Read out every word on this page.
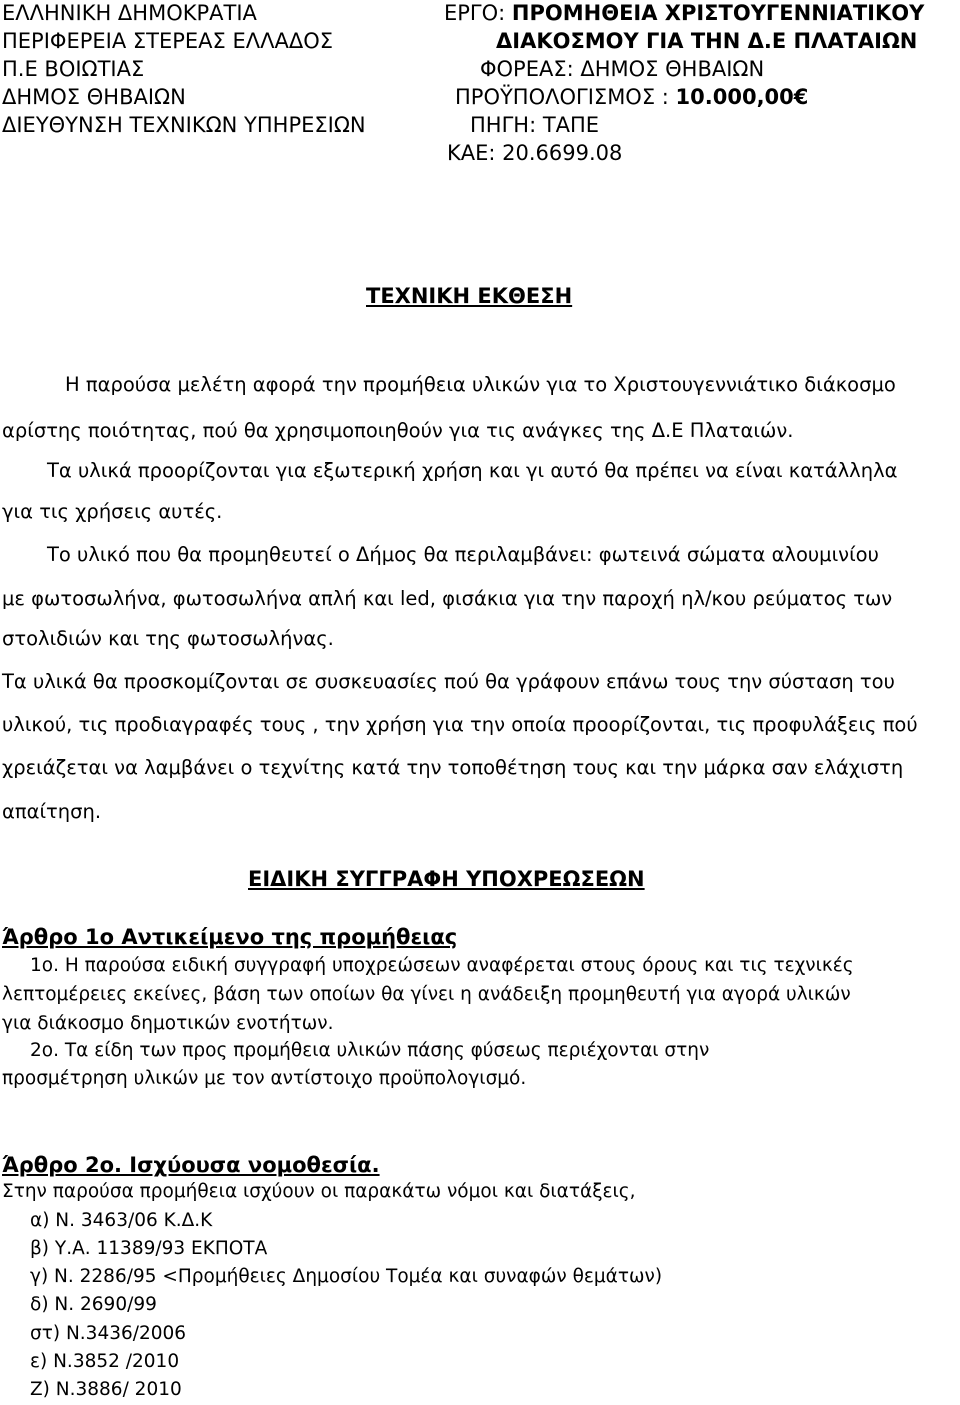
ΕΛΛΗΝΙΚΗ ΔΗΜΟΚΡΑΤΙΑ
ΠΕΡΙΦΕΡΕΙΑ ΣΤΕΡΕΑΣ ΕΛΛΑΔΟΣ
Π.Ε ΒΟΙΩΤΙΑΣ
ΔΗΜΟΣ ΘΗΒΑΙΩΝ
ΔΙΕΥΘΥΝΣΗ ΤΕΧΝΙΚΩΝ ΥΠΗΡΕΣΙΩΝ
ΕΡΓΟ: ΠΡΟΜΗΘΕΙΑ ΧΡΙΣΤΟΥΓΕΝΝΙΑΤΙΚΟΥ
ΔΙΑΚΟΣΜΟΥ ΓΙΑ ΤΗΝ Δ.Ε ΠΛΑΤΑΙΩΝ
ΦΟΡΕΑΣ: ΔΗΜΟΣ ΘΗΒΑΙΩΝ
ΠΡΟΫΠΟΛΟΓΙΣΜΟΣ : 10.000,00€
ΠΗΓΗ: ΤΑΠΕ
ΚΑΕ: 20.6699.08
ΤΕΧΝΙΚΗ ΕΚΘΕΣΗ
Η παρούσα μελέτη αφορά την προμήθεια υλικών για το Χριστουγεννιάτικο διάκοσμο
αρίστης ποιότητας, πού θα χρησιμοποιηθούν για τις ανάγκες της Δ.Ε Πλαταιών.
Τα υλικά προορίζονται για εξωτερική χρήση και γι αυτό θα πρέπει να είναι κατάλληλα
για τις χρήσεις αυτές.
Το υλικό που θα προμηθευτεί ο Δήμος θα περιλαμβάνει: φωτεινά σώματα αλουμινίου
με φωτοσωλήνα, φωτοσωλήνα απλή και led, φισάκια για την παροχή ηλ/κου ρεύματος των
στολιδιών και της φωτοσωλήνας.
Τα υλικά θα προσκομίζονται σε συσκευασίες πού θα γράφουν επάνω τους την σύσταση του
υλικού, τις προδιαγραφές τους , την χρήση για την οποία προορίζονται, τις προφυλάξεις πού
χρειάζεται να λαμβάνει ο τεχνίτης κατά την τοποθέτηση τους και την μάρκα σαν ελάχιστη
απαίτηση.
ΕΙΔΙΚΗ ΣΥΓΓΡΑΦΗ ΥΠΟΧΡΕΩΣΕΩΝ
Άρθρο 1ο Αντικείμενο της προμήθειας
1ο. Η παρούσα ειδική συγγραφή υποχρεώσεων αναφέρεται στους όρους και τις τεχνικές
λεπτομέρειες εκείνες, βάση των οποίων θα γίνει η ανάδειξη προμηθευτή για αγορά υλικών
για διάκοσμο δημοτικών ενοτήτων.
2ο. Τα είδη των προς προμήθεια υλικών πάσης φύσεως περιέχονται στην
προσμέτρηση υλικών με τον αντίστοιχο προϋπολογισμό.
Άρθρο 2ο. Ισχύουσα νομοθεσία.
Στην παρούσα προμήθεια ισχύουν οι παρακάτω νόμοι και διατάξεις,
α) Ν. 3463/06 Κ.Δ.Κ
β) Υ.Α. 11389/93 ΕΚΠΟΤΑ
γ) Ν. 2286/95 <Προμήθειες Δημοσίου Τομέα και συναφών θεμάτων)
δ) Ν. 2690/99
στ) Ν.3436/2006
ε) Ν.3852 /2010
Ζ) Ν.3886/ 2010
